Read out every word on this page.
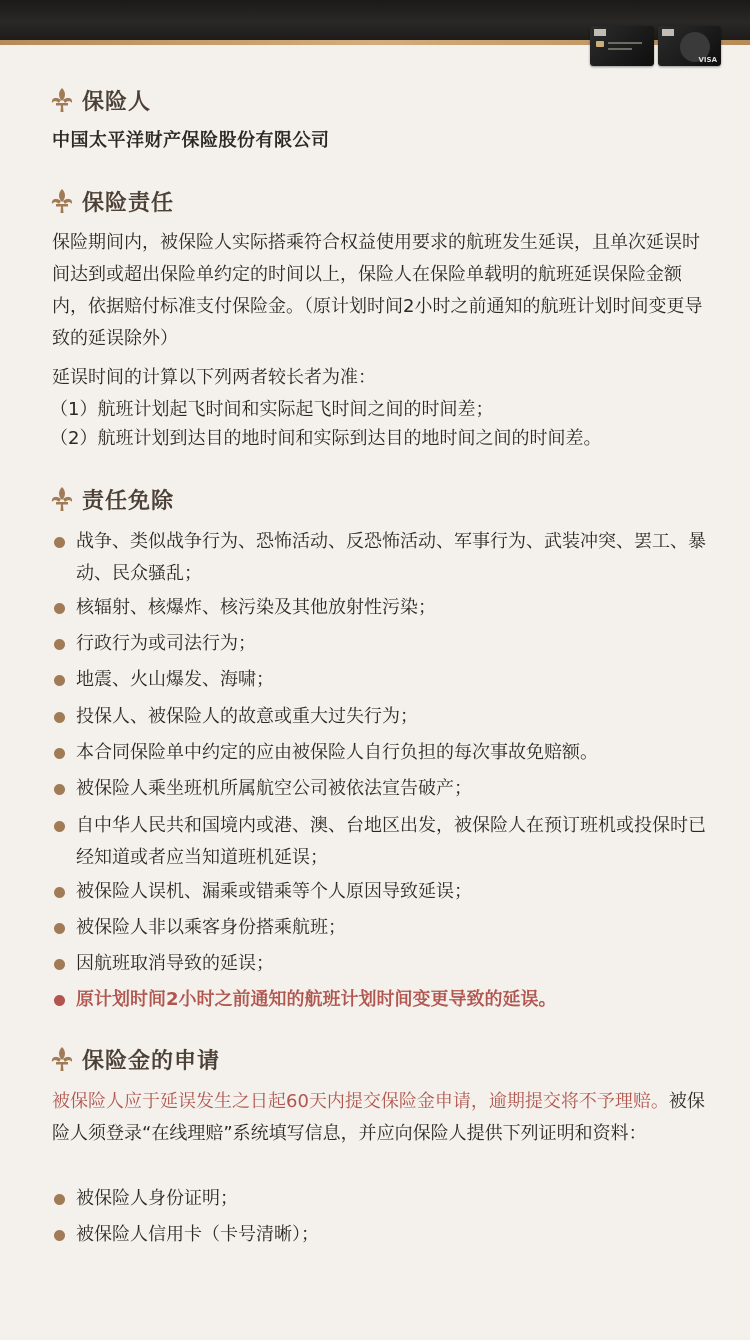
VISA
保险人

中国太平洋财产保险股份有限公司

保险责任

保险期间内，被保险人实际搭乘符合权益使用要求的航班发生延误，且单次延误时间达到或超出保险单约定的时间以上，保险人在保险单载明的航班延误保险金额内，依据赔付标准支付保险金。（原计划时间2小时之前通知的航班计划时间变更导致的延误除外）

延误时间的计算以下列两者较长者为准：

（1）航班计划起飞时间和实际起飞时间之间的时间差；
（2）航班计划到达目的地时间和实际到达目的地时间之间的时间差。
责任免除
战争、类似战争行为、恐怖活动、反恐怖活动、军事行为、武装冲突、罢工、暴动、民众骚乱；
核辐射、核爆炸、核污染及其他放射性污染；
行政行为或司法行为；
地震、火山爆发、海啸；
投保人、被保险人的故意或重大过失行为；
本合同保险单中约定的应由被保险人自行负担的每次事故免赔额。
被保险人乘坐班机所属航空公司被依法宣告破产；
自中华人民共和国境内或港、澳、台地区出发，被保险人在预订班机或投保时已经知道或者应当知道班机延误；
被保险人误机、漏乘或错乘等个人原因导致延误；
被保险人非以乘客身份搭乘航班；
因航班取消导致的延误；
原计划时间2小时之前通知的航班计划时间变更导致的延误。
保险金的申请

被保险人应于延误发生之日起60天内提交保险金申请，逾期提交将不予理赔。被保险人须登录“在线理赔”系统填写信息，并应向保险人提供下列证明和资料：

被保险人身份证明；
被保险人信用卡（卡号清晰）；
